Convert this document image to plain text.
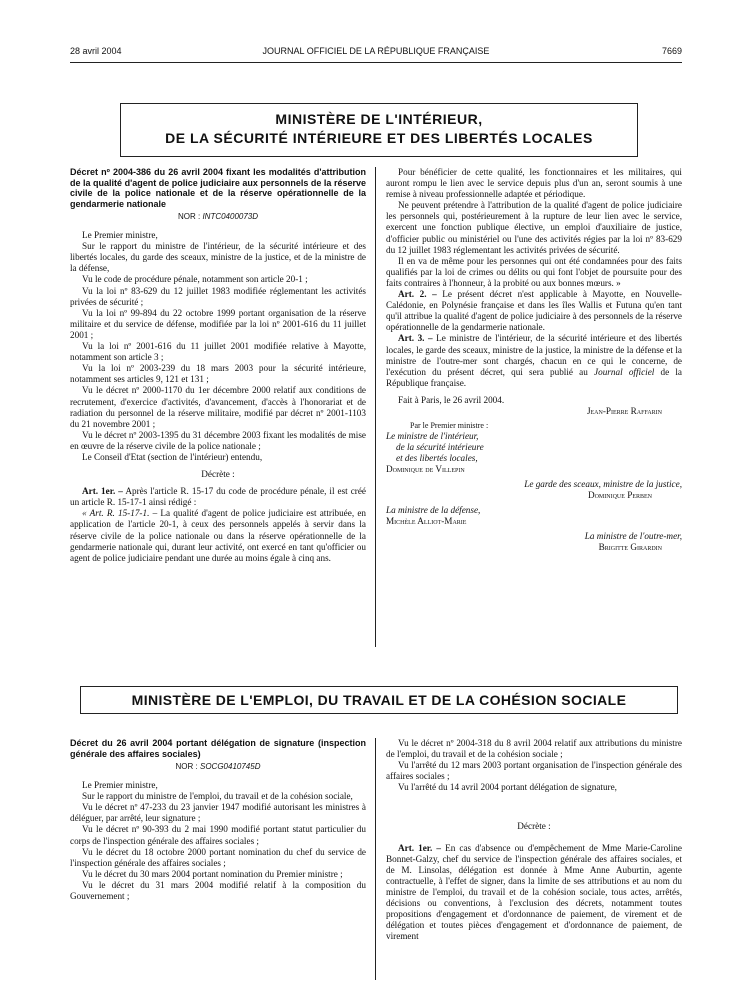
28 avril 2004	JOURNAL OFFICIEL DE LA RÉPUBLIQUE FRANÇAISE	7669
MINISTÈRE DE L'INTÉRIEUR,
DE LA SÉCURITÉ INTÉRIEURE ET DES LIBERTÉS LOCALES

Décret nº 2004-386 du 26 avril 2004 fixant les modalités d'attribution de la qualité d'agent de police judiciaire aux personnels de la réserve civile de la police nationale et de la réserve opérationnelle de la gendarmerie nationale

NOR : INTC0400073D

Le Premier ministre,

Sur le rapport du ministre de l'intérieur, de la sécurité intérieure et des libertés locales, du garde des sceaux, ministre de la justice, et de la ministre de la défense,

Vu le code de procédure pénale, notamment son article 20-1 ;

Vu la loi nº 83-629 du 12 juillet 1983 modifiée réglementant les activités privées de sécurité ;

Vu la loi nº 99-894 du 22 octobre 1999 portant organisation de la réserve militaire et du service de défense, modifiée par la loi nº 2001-616 du 11 juillet 2001 ;

Vu la loi nº 2001-616 du 11 juillet 2001 modifiée relative à Mayotte, notamment son article 3 ;

Vu la loi nº 2003-239 du 18 mars 2003 pour la sécurité intérieure, notamment ses articles 9, 121 et 131 ;

Vu le décret nº 2000-1170 du 1er décembre 2000 relatif aux conditions de recrutement, d'exercice d'activités, d'avancement, d'accès à l'honorariat et de radiation du personnel de la réserve militaire, modifié par décret nº 2001-1103 du 21 novembre 2001 ;

Vu le décret nº 2003-1395 du 31 décembre 2003 fixant les modalités de mise en œuvre de la réserve civile de la police nationale ;

Le Conseil d'Etat (section de l'intérieur) entendu,

Décrète :

Art. 1er. – Après l'article R. 15-17 du code de procédure pénale, il est créé un article R. 15-17-1 ainsi rédigé :

« Art. R. 15-17-1. – La qualité d'agent de police judiciaire est attribuée, en application de l'article 20-1, à ceux des personnels appelés à servir dans la réserve civile de la police nationale ou dans la réserve opérationnelle de la gendarmerie nationale qui, durant leur activité, ont exercé en tant qu'officier ou agent de police judiciaire pendant une durée au moins égale à cinq ans.

Pour bénéficier de cette qualité, les fonctionnaires et les militaires, qui auront rompu le lien avec le service depuis plus d'un an, seront soumis à une remise à niveau professionnelle adaptée et périodique.

Ne peuvent prétendre à l'attribution de la qualité d'agent de police judiciaire les personnels qui, postérieurement à la rupture de leur lien avec le service, exercent une fonction publique élective, un emploi d'auxiliaire de justice, d'officier public ou ministériel ou l'une des activités régies par la loi nº 83-629 du 12 juillet 1983 réglementant les activités privées de sécurité.

Il en va de même pour les personnes qui ont été condamnées pour des faits qualifiés par la loi de crimes ou délits ou qui font l'objet de poursuite pour des faits contraires à l'honneur, à la probité ou aux bonnes mœurs. »

Art. 2. – Le présent décret n'est applicable à Mayotte, en Nouvelle-Calédonie, en Polynésie française et dans les îles Wallis et Futuna qu'en tant qu'il attribue la qualité d'agent de police judiciaire à des personnels de la réserve opérationnelle de la gendarmerie nationale.

Art. 3. – Le ministre de l'intérieur, de la sécurité intérieure et des libertés locales, le garde des sceaux, ministre de la justice, la ministre de la défense et la ministre de l'outre-mer sont chargés, chacun en ce qui le concerne, de l'exécution du présent décret, qui sera publié au Journal officiel de la République française.

Fait à Paris, le 26 avril 2004.

Jean-Pierre Raffarin
Par le Premier ministre :
Le ministre de l'intérieur,
de la sécurité intérieure
et des libertés locales,
Dominique de Villepin
Le garde des sceaux, ministre de la justice,
Dominique Perben
La ministre de la défense,
Michèle Alliot-Marie
La ministre de l'outre-mer,
Brigitte Girardin
MINISTÈRE DE L'EMPLOI, DU TRAVAIL ET DE LA COHÉSION SOCIALE

Décret du 26 avril 2004 portant délégation de signature (inspection générale des affaires sociales)

NOR : SOCG0410745D

Le Premier ministre,

Sur le rapport du ministre de l'emploi, du travail et de la cohésion sociale,

Vu le décret nº 47-233 du 23 janvier 1947 modifié autorisant les ministres à déléguer, par arrêté, leur signature ;

Vu le décret nº 90-393 du 2 mai 1990 modifié portant statut particulier du corps de l'inspection générale des affaires sociales ;

Vu le décret du 18 octobre 2000 portant nomination du chef du service de l'inspection générale des affaires sociales ;

Vu le décret du 30 mars 2004 portant nomination du Premier ministre ;

Vu le décret du 31 mars 2004 modifié relatif à la composition du Gouvernement ;

Vu le décret nº 2004-318 du 8 avril 2004 relatif aux attributions du ministre de l'emploi, du travail et de la cohésion sociale ;

Vu l'arrêté du 12 mars 2003 portant organisation de l'inspection générale des affaires sociales ;

Vu l'arrêté du 14 avril 2004 portant délégation de signature,

Décrète :

Art. 1er. – En cas d'absence ou d'empêchement de Mme Marie-Caroline Bonnet-Galzy, chef du service de l'inspection générale des affaires sociales, et de M. Linsolas, délégation est donnée à Mme Anne Auburtin, agente contractuelle, à l'effet de signer, dans la limite de ses attributions et au nom du ministre de l'emploi, du travail et de la cohésion sociale, tous actes, arrêtés, décisions ou conventions, à l'exclusion des décrets, notamment toutes propositions d'engagement et d'ordonnance de paiement, de virement et de délégation et toutes pièces d'engagement et d'ordonnance de paiement, de virement
